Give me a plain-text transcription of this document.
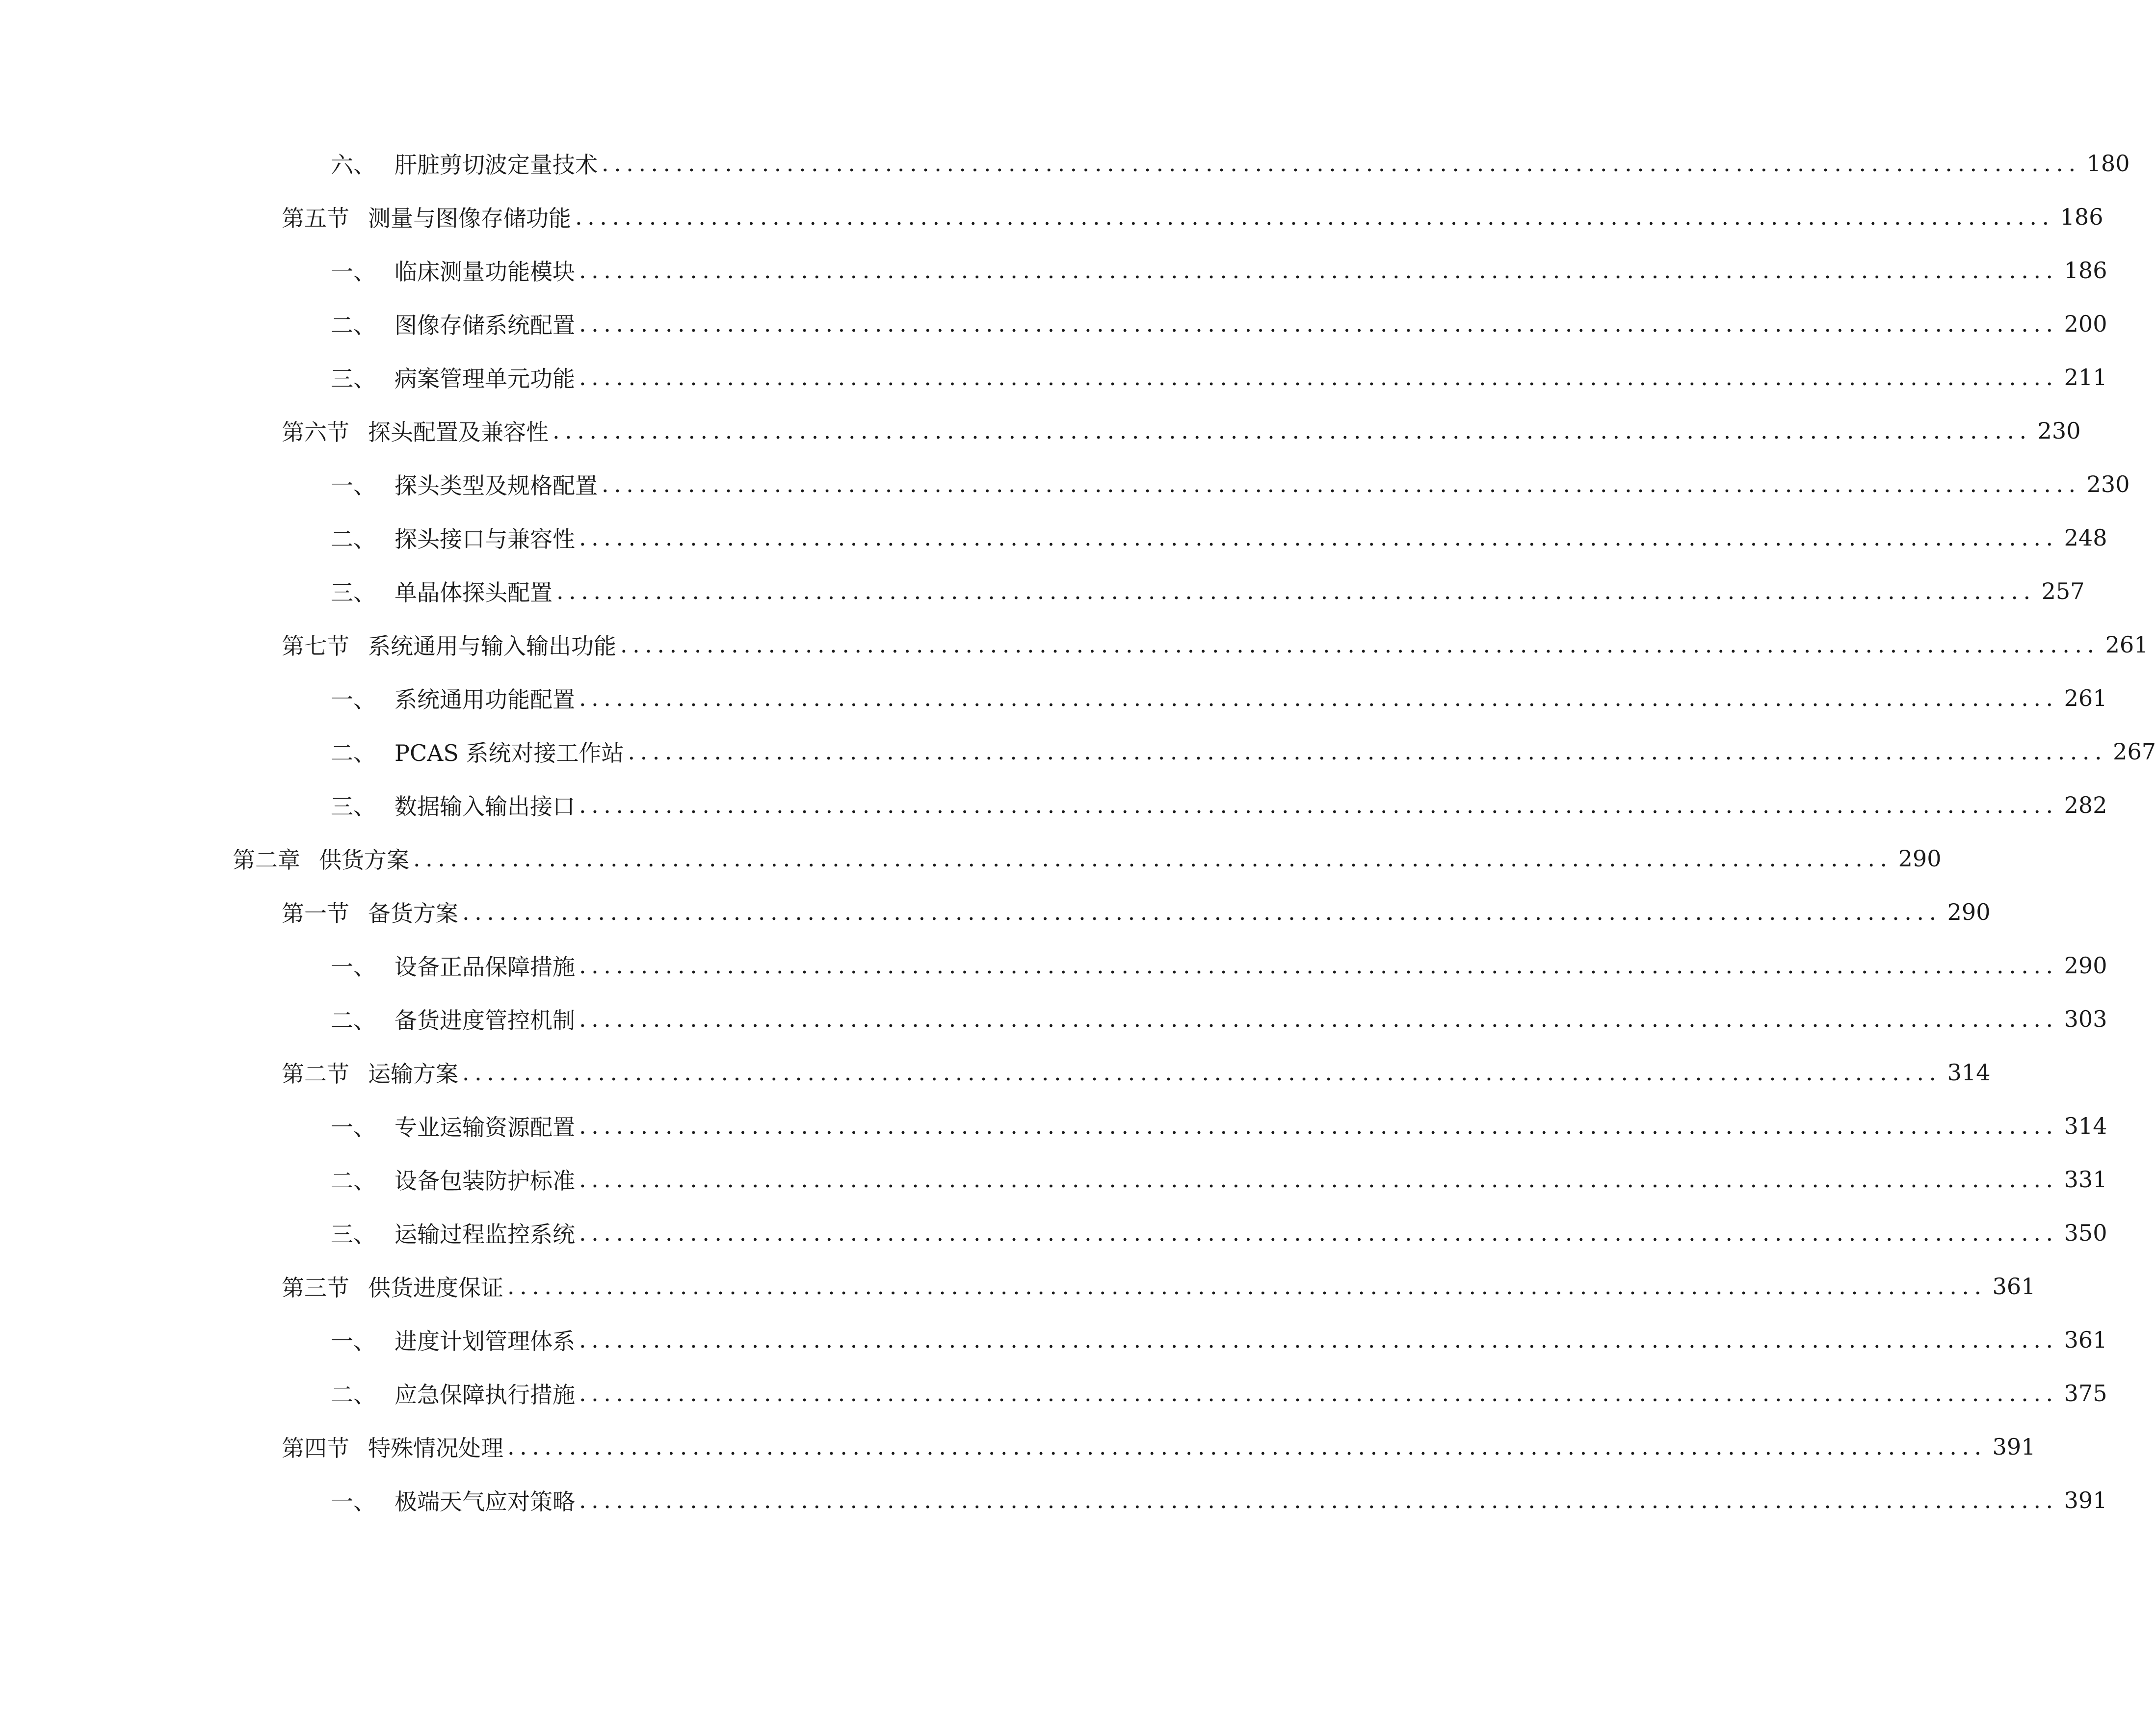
六、 肝脏剪切波定量技术 ........................................................................................................................ 180
第五节 测量与图像存储功能 ........................................................................................................................ 186
一、 临床测量功能模块 ........................................................................................................................ 186
二、 图像存储系统配置 ........................................................................................................................ 200
三、 病案管理单元功能 ........................................................................................................................ 211
第六节 探头配置及兼容性 ........................................................................................................................ 230
一、 探头类型及规格配置 ........................................................................................................................ 230
二、 探头接口与兼容性 ........................................................................................................................ 248
三、 单晶体探头配置 ........................................................................................................................ 257
第七节 系统通用与输入输出功能 ........................................................................................................................ 261
一、 系统通用功能配置 ........................................................................................................................ 261
二、 PCAS 系统对接工作站 ........................................................................................................................ 267
三、 数据输入输出接口 ........................................................................................................................ 282
第二章 供货方案 ........................................................................................................................ 290
第一节 备货方案 ........................................................................................................................ 290
一、 设备正品保障措施 ........................................................................................................................ 290
二、 备货进度管控机制 ........................................................................................................................ 303
第二节 运输方案 ........................................................................................................................ 314
一、 专业运输资源配置 ........................................................................................................................ 314
二、 设备包装防护标准 ........................................................................................................................ 331
三、 运输过程监控系统 ........................................................................................................................ 350
第三节 供货进度保证 ........................................................................................................................ 361
一、 进度计划管理体系 ........................................................................................................................ 361
二、 应急保障执行措施 ........................................................................................................................ 375
第四节 特殊情况处理 ........................................................................................................................ 391
一、 极端天气应对策略 ........................................................................................................................ 391
